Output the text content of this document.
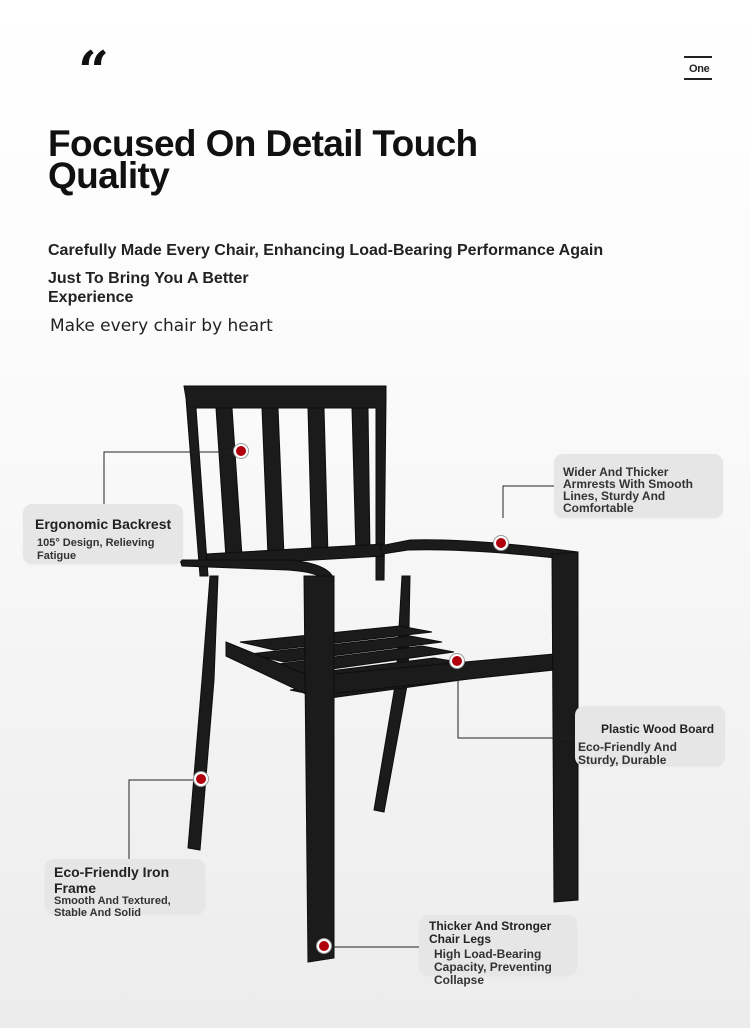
“	One
Focused On Detail Touch Quality
Carefully Made Every Chair, Enhancing Load-Bearing Performance Again
Just To Bring You A Better Experience
Make every chair by heart
Ergonomic Backrest
105° Design, Relieving Fatigue
Wider And Thicker Armrests With Smooth Lines, Sturdy And Comfortable
Plastic Wood Board
Eco-Friendly And Sturdy, Durable
Eco-Friendly Iron Frame
Smooth And Textured, Stable And Solid
Thicker And Stronger Chair Legs
High Load-Bearing Capacity, Preventing Collapse
